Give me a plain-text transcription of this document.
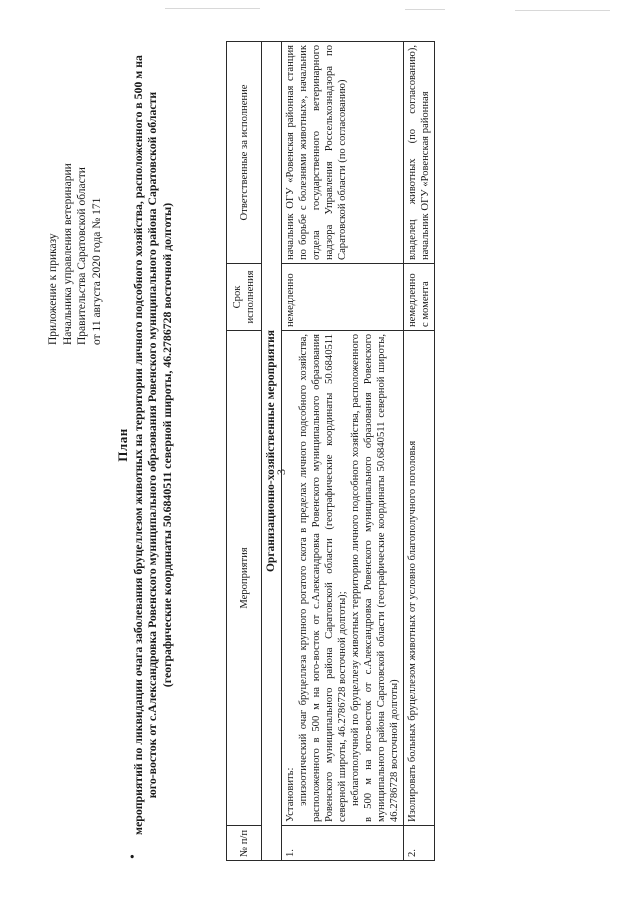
3
Приложение к приказу Начальника управления ветеринарии Правительства Саратовской области от 11 августа 2020 года № 171
•
План мероприятий по ликвидации очага заболевания бруцеллезом животных на территории личного подсобного хозяйства, расположенного в 500 м на юго-восток от с.Александровка Ровенского муниципального образования Ровенского муниципального района Саратовской области (географические координаты 50.6840511 северной широты, 46.2786728 восточной долготы)
№ п/п	Мероприятия	Срок исполнения	Ответственные за исполнение
Организационно-хозяйственные мероприятия			
1.	Установить: эпизоотический очаг бруцеллеза крупного рогатого скота в пределах личного подсобного хозяйства, расположенного в 500 м на юго-восток от с.Александровка Ровенского муниципального образования Ровенского муниципального района Саратовской области (географические координаты 50.6840511 северной широты, 46.2786728 восточной долготы); неблагополучной по бруцеллезу животных территорию личного подсобного хозяйства, расположенного в 500 м на юго-восток от с.Александровка Ровенского муниципального образования Ровенского муниципального района Саратовской области (географические координаты 50.6840511 северной широты, 46.2786728 восточной долготы)	немедленно	начальник ОГУ «Ровенская районная станция по борьбе с болезнями животных», начальник отдела государственного ветеринарного надзора Управления Россельхознадзора по Саратовской области (по согласованию)
2.	Изолировать больных бруцеллезом животных от условно благополучного поголовья	немедленно с момента	владелец животных (по согласованию), начальник ОГУ «Ровенская районная
